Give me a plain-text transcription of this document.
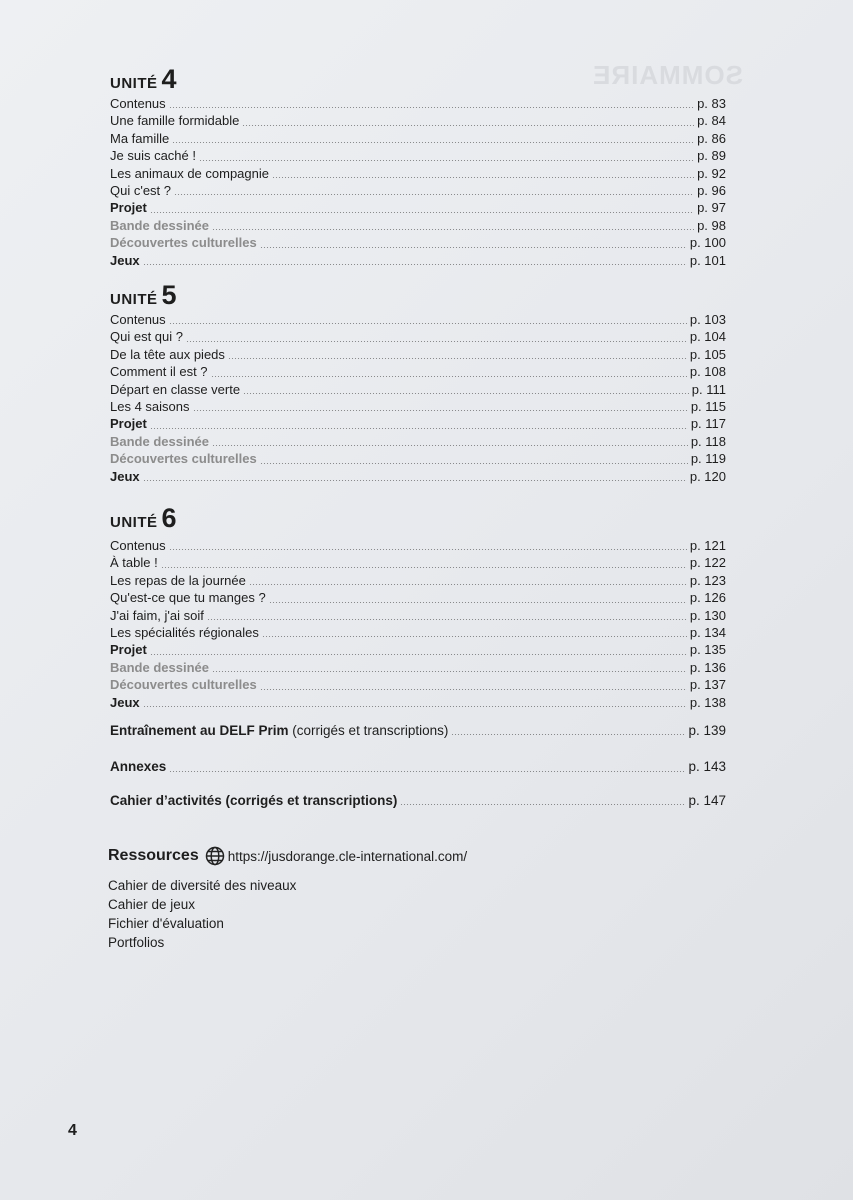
SOMMAIRE
UNITÉ 4
Contenus	p. 83
Une famille formidable	p. 84
Ma famille	p. 86
Je suis caché !	p. 89
Les animaux de compagnie	p. 92
Qui c'est ?	p. 96
Projet	p. 97
Bande dessinée	p. 98
Découvertes culturelles	p. 100
Jeux	p. 101
UNITÉ 5
Contenus	p. 103
Qui est qui ?	p. 104
De la tête aux pieds	p. 105
Comment il est ?	p. 108
Départ en classe verte	p. 111
Les 4 saisons	p. 115
Projet	p. 117
Bande dessinée	p. 118
Découvertes culturelles	p. 119
Jeux	p. 120
UNITÉ 6
Contenus	p. 121
À table !	p. 122
Les repas de la journée	p. 123
Qu'est-ce que tu manges ?	p. 126
J'ai faim, j'ai soif	p. 130
Les spécialités régionales	p. 134
Projet	p. 135
Bande dessinée	p. 136
Découvertes culturelles	p. 137
Jeux	p. 138
Entraînement au DELF Prim (corrigés et transcriptions)	p. 139
Annexes	p. 143
Cahier d’activités (corrigés et transcriptions)	p. 147
Ressources https://jusdorange.cle-international.com/
Cahier de diversité des niveaux
Cahier de jeux
Fichier d'évaluation
Portfolios
4
